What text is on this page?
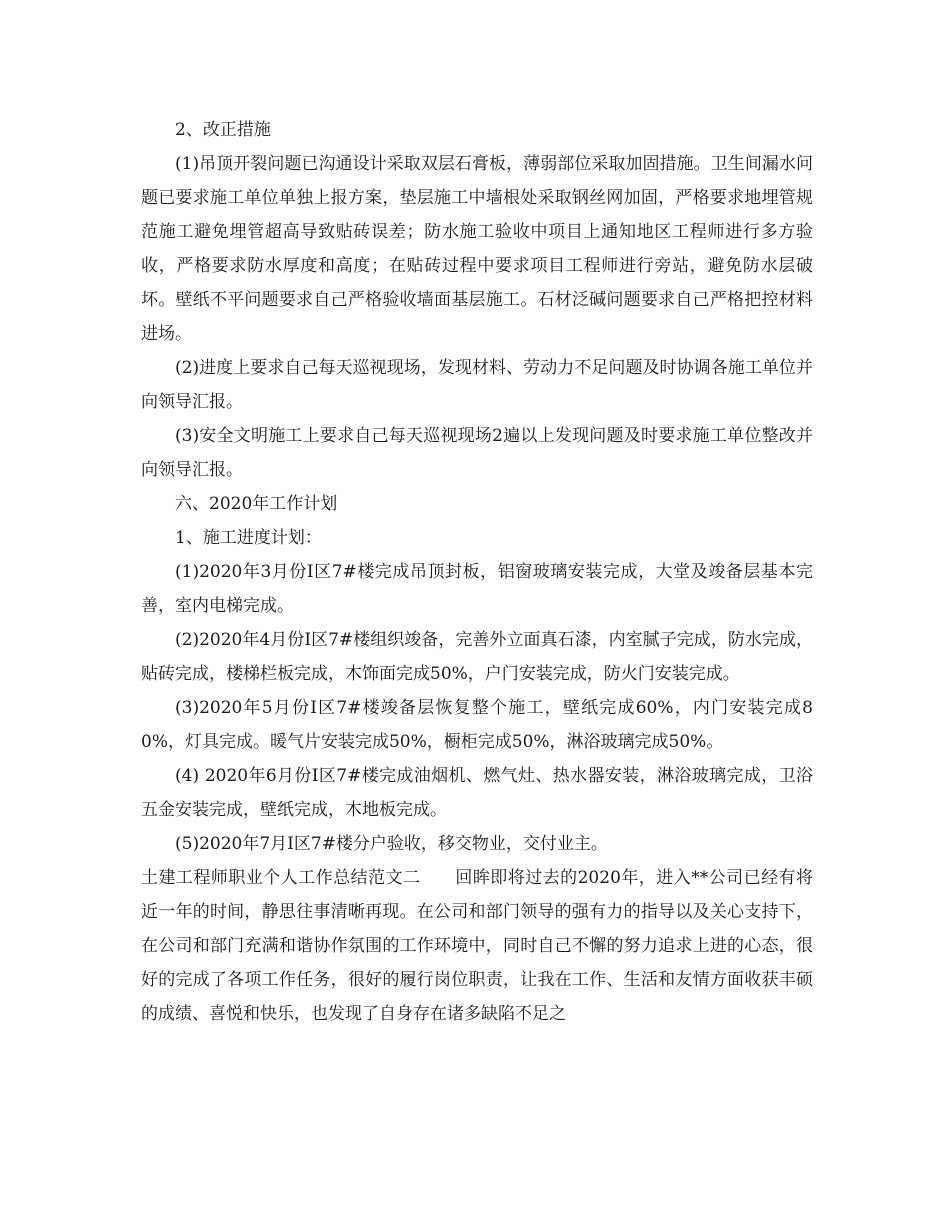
2、改正措施

(1)吊顶开裂问题已沟通设计采取双层石膏板，薄弱部位采取加固措施。卫生间漏水问题已要求施工单位单独上报方案，垫层施工中墙根处采取钢丝网加固，严格要求地埋管规范施工避免埋管超高导致贴砖误差；防水施工验收中项目上通知地区工程师进行多方验收，严格要求防水厚度和高度；在贴砖过程中要求项目工程师进行旁站，避免防水层破坏。壁纸不平问题要求自己严格验收墙面基层施工。石材泛碱问题要求自己严格把控材料进场。

(2)进度上要求自己每天巡视现场，发现材料、劳动力不足问题及时协调各施工单位并向领导汇报。

(3)安全文明施工上要求自己每天巡视现场2遍以上发现问题及时要求施工单位整改并向领导汇报。

六、2020年工作计划

1、施工进度计划：

(1)2020年3月份Ⅰ区7#楼完成吊顶封板，铝窗玻璃安装完成，大堂及竣备层基本完善，室内电梯完成。

(2)2020年4月份Ⅰ区7#楼组织竣备，完善外立面真石漆，内室腻子完成，防水完成，贴砖完成，楼梯栏板完成，木饰面完成50%，户门安装完成，防火门安装完成。

(3)2020年5月份Ⅰ区7#楼竣备层恢复整个施工，壁纸完成60%，内门安装完成80%，灯具完成。暖气片安装完成50%，橱柜完成50%，淋浴玻璃完成50%。

(4) 2020年6月份Ⅰ区7#楼完成油烟机、燃气灶、热水器安装，淋浴玻璃完成，卫浴五金安装完成，壁纸完成，木地板完成。

(5)2020年7月Ⅰ区7#楼分户验收，移交物业，交付业主。

土建工程师职业个人工作总结范文二　　回眸即将过去的2020年，进入**公司已经有将近一年的时间，静思往事清晰再现。在公司和部门领导的强有力的指导以及关心支持下，在公司和部门充满和谐协作氛围的工作环境中，同时自己不懈的努力追求上进的心态，很好的完成了各项工作任务，很好的履行岗位职责，让我在工作、生活和友情方面收获丰硕的成绩、喜悦和快乐，也发现了自身存在诸多缺陷不足之
